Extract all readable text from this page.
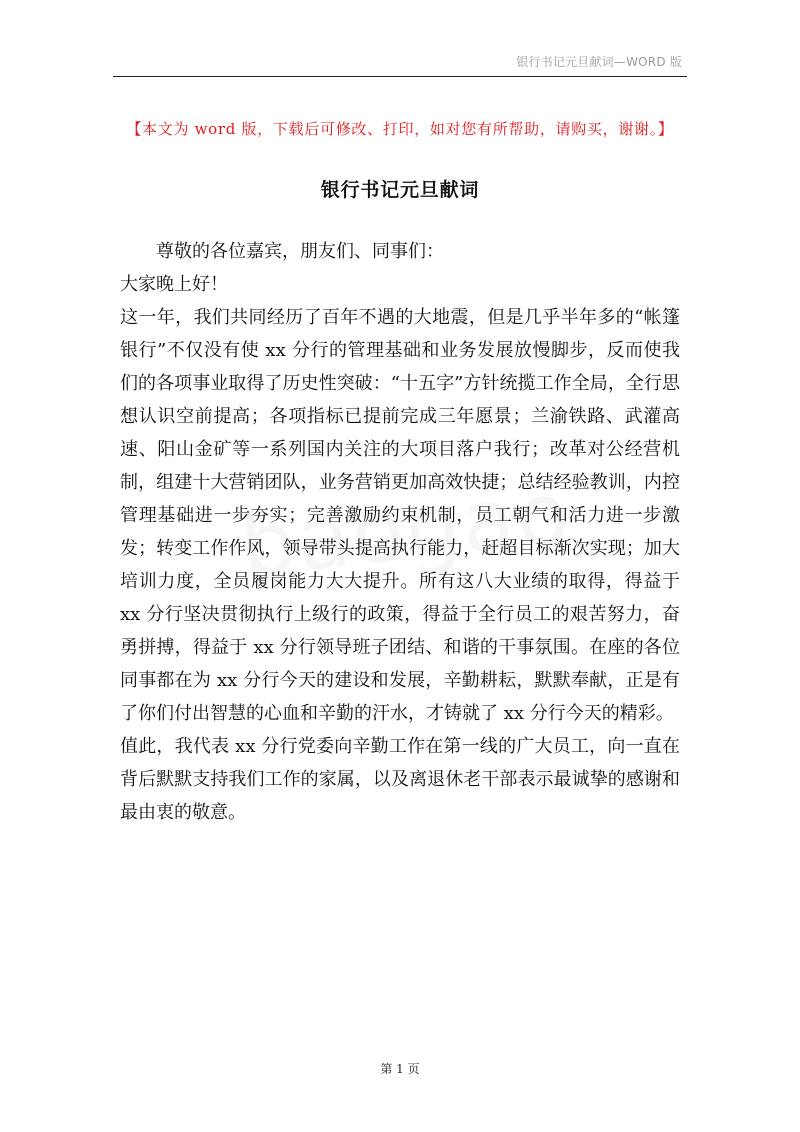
银行书记元旦献词—WORD 版
【本文为 word 版，下载后可修改、打印，如对您有所帮助，请购买，谢谢。】
银行书记元旦献词

尊敬的各位嘉宾，朋友们、同事们：

大家晚上好！

这一年，我们共同经历了百年不遇的大地震，但是几乎半年多的“帐篷银行”不仅没有使 xx 分行的管理基础和业务发展放慢脚步，反而使我们的各项事业取得了历史性突破：“十五字”方针统揽工作全局，全行思想认识空前提高；各项指标已提前完成三年愿景；兰渝铁路、武灌高速、阳山金矿等一系列国内关注的大项目落户我行；改革对公经营机制，组建十大营销团队，业务营销更加高效快捷；总结经验教训，内控管理基础进一步夯实；完善激励约束机制，员工朝气和活力进一步激发；转变工作作风，领导带头提高执行能力，赶超目标渐次实现；加大培训力度，全员履岗能力大大提升。所有这八大业绩的取得，得益于 xx 分行坚决贯彻执行上级行的政策，得益于全行员工的艰苦努力，奋勇拼搏，得益于 xx 分行领导班子团结、和谐的干事氛围。在座的各位同事都在为 xx 分行今天的建设和发展，辛勤耕耘，默默奉献，正是有了你们付出智慧的心血和辛勤的汗水，才铸就了 xx 分行今天的精彩。

值此，我代表 xx 分行党委向辛勤工作在第一线的广大员工，向一直在背后默默支持我们工作的家属，以及离退休老干部表示最诚挚的感谢和最由衷的敬意。

第 1 页
